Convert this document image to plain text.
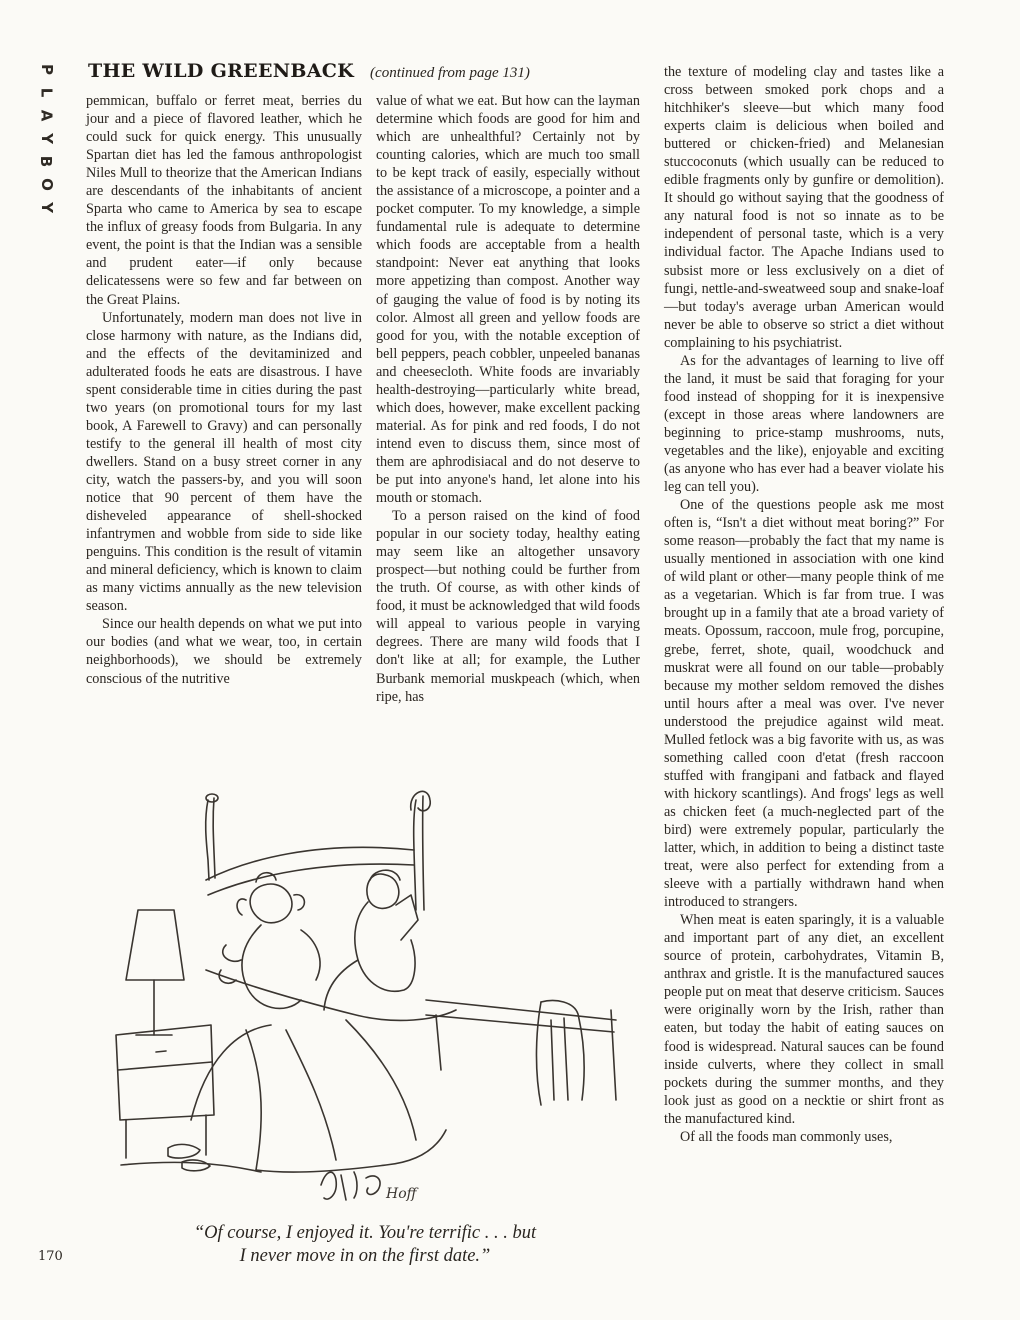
P
L
A
Y
B
O
Y
THE WILD GREENBACK (continued from page 131)

pemmican, buffalo or ferret meat, berries du jour and a piece of flavored leather, which he could suck for quick energy. This unusually Spartan diet has led the famous anthropologist Niles Mull to theorize that the American Indians are descendants of the inhabitants of ancient Sparta who came to America by sea to escape the influx of greasy foods from Bulgaria. In any event, the point is that the Indian was a sensible and prudent eater—if only because delicatessens were so few and far between on the Great Plains.

Unfortunately, modern man does not live in close harmony with nature, as the Indians did, and the effects of the devitaminized and adulterated foods he eats are disastrous. I have spent considerable time in cities during the past two years (on promotional tours for my last book, A Farewell to Gravy) and can personally testify to the general ill health of most city dwellers. Stand on a busy street corner in any city, watch the passers-by, and you will soon notice that 90 percent of them have the disheveled appearance of shell-shocked infantrymen and wobble from side to side like penguins. This condition is the result of vitamin and mineral deficiency, which is known to claim as many victims annually as the new television season.

Since our health depends on what we put into our bodies (and what we wear, too, in certain neighborhoods), we should be extremely conscious of the nutritive

value of what we eat. But how can the layman determine which foods are good for him and which are unhealthful? Certainly not by counting calories, which are much too small to be kept track of easily, especially without the assistance of a microscope, a pointer and a pocket computer. To my knowledge, a simple fundamental rule is adequate to determine which foods are acceptable from a health standpoint: Never eat anything that looks more appetizing than compost. Another way of gauging the value of food is by noting its color. Almost all green and yellow foods are good for you, with the notable exception of bell peppers, peach cobbler, unpeeled bananas and cheesecloth. White foods are invariably health-destroying—particularly white bread, which does, however, make excellent packing material. As for pink and red foods, I do not intend even to discuss them, since most of them are aphrodisiacal and do not deserve to be put into anyone's hand, let alone into his mouth or stomach.

To a person raised on the kind of food popular in our society today, healthy eating may seem like an altogether unsavory prospect—but nothing could be further from the truth. Of course, as with other kinds of food, it must be acknowledged that wild foods will appeal to various people in varying degrees. There are many wild foods that I don't like at all; for example, the Luther Burbank memorial muskpeach (which, when ripe, has

the texture of modeling clay and tastes like a cross between smoked pork chops and a hitchhiker's sleeve—but which many food experts claim is delicious when boiled and buttered or chicken-fried) and Melanesian stuccoconuts (which usually can be reduced to edible fragments only by gunfire or demolition). It should go without saying that the goodness of any natural food is not so innate as to be independent of personal taste, which is a very individual factor. The Apache Indians used to subsist more or less exclusively on a diet of fungi, nettle-and-sweatweed soup and snake-loaf—but today's average urban American would never be able to observe so strict a diet without complaining to his psychiatrist.

As for the advantages of learning to live off the land, it must be said that foraging for your food instead of shopping for it is inexpensive (except in those areas where landowners are beginning to price-stamp mushrooms, nuts, vegetables and the like), enjoyable and exciting (as anyone who has ever had a beaver violate his leg can tell you).

One of the questions people ask me most often is, “Isn't a diet without meat boring?” For some reason—probably the fact that my name is usually mentioned in association with one kind of wild plant or other—many people think of me as a vegetarian. Which is far from true. I was brought up in a family that ate a broad variety of meats. Opossum, raccoon, mule frog, porcupine, grebe, ferret, shote, quail, woodchuck and muskrat were all found on our table—probably because my mother seldom removed the dishes until hours after a meal was over. I've never understood the prejudice against wild meat. Mulled fetlock was a big favorite with us, as was something called coon d'etat (fresh raccoon stuffed with frangipani and fatback and flayed with hickory scantlings). And frogs' legs as well as chicken feet (a much-neglected part of the bird) were extremely popular, particularly the latter, which, in addition to being a distinct taste treat, were also perfect for extending from a sleeve with a partially withdrawn hand when introduced to strangers.

When meat is eaten sparingly, it is a valuable and important part of any diet, an excellent source of protein, carbohydrates, Vitamin B, anthrax and gristle. It is the manufactured sauces people put on meat that deserve criticism. Sauces were originally worn by the Irish, rather than eaten, but today the habit of eating sauces on food is widespread. Natural sauces can be found inside culverts, where they collect in small pockets during the summer months, and they look just as good on a necktie or shirt front as the manufactured kind.

Of all the foods man commonly uses,

Hoff
“Of course, I enjoyed it. You're terrific . . . but
I never move in on the first date.”
170
